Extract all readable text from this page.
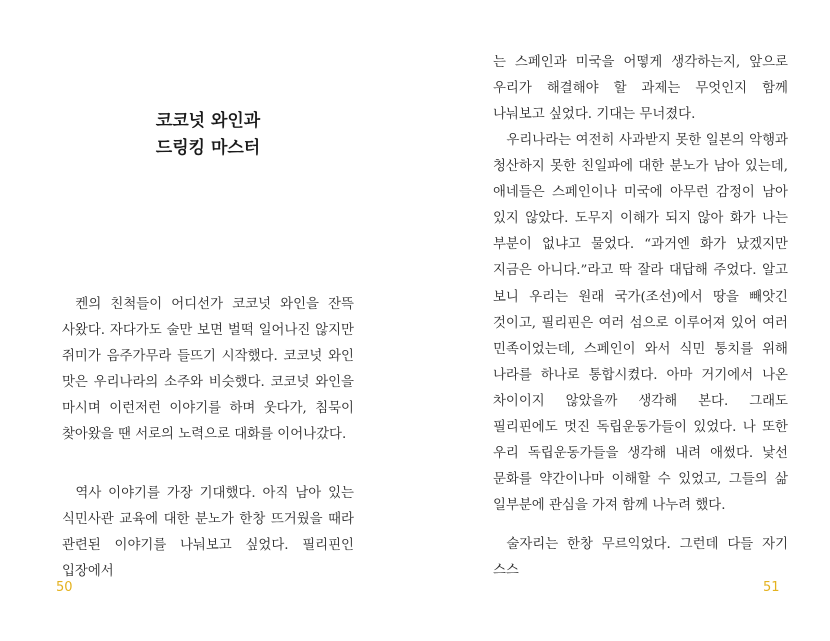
코코넛 와인과
드링킹 마스터

켄의 친척들이 어디선가 코코넛 와인을 잔뜩 사왔다. 자다가도 술만 보면 벌떡 일어나진 않지만 쥐미가 음주가무라 들뜨기 시작했다. 코코넛 와인 맛은 우리나라의 소주와 비슷했다. 코코넛 와인을 마시며 이런저런 이야기를 하며 웃다가, 침묵이 찾아왔을 땐 서로의 노력으로 대화를 이어나갔다.

역사 이야기를 가장 기대했다. 아직 남아 있는 식민사관 교육에 대한 분노가 한창 뜨거웠을 때라 관련된 이야기를 나눠보고 싶었다. 필리핀인 입장에서

50

는 스페인과 미국을 어떻게 생각하는지, 앞으로 우리가 해결해야 할 과제는 무엇인지 함께 나눠보고 싶었다. 기대는 무너졌다.

우리나라는 여전히 사과받지 못한 일본의 악행과 청산하지 못한 친일파에 대한 분노가 남아 있는데, 애네들은 스페인이나 미국에 아무런 감정이 남아 있지 않았다. 도무지 이해가 되지 않아 화가 나는 부분이 없냐고 물었다. “과거엔 화가 났겠지만 지금은 아니다.”라고 딱 잘라 대답해 주었다. 알고 보니 우리는 원래 국가(조선)에서 땅을 빼앗긴 것이고, 필리핀은 여러 섬으로 이루어져 있어 여러 민족이었는데, 스페인이 와서 식민 통치를 위해 나라를 하나로 통합시켰다. 아마 거기에서 나온 차이이지 않았을까 생각해 본다. 그래도 필리핀에도 멋진 독립운동가들이 있었다. 나 또한 우리 독립운동가들을 생각해 내려 애썼다. 낯선 문화를 약간이나마 이해할 수 있었고, 그들의 삶 일부분에 관심을 가져 함께 나누려 했다.

술자리는 한창 무르익었다. 그런데 다들 자기 스스

51
